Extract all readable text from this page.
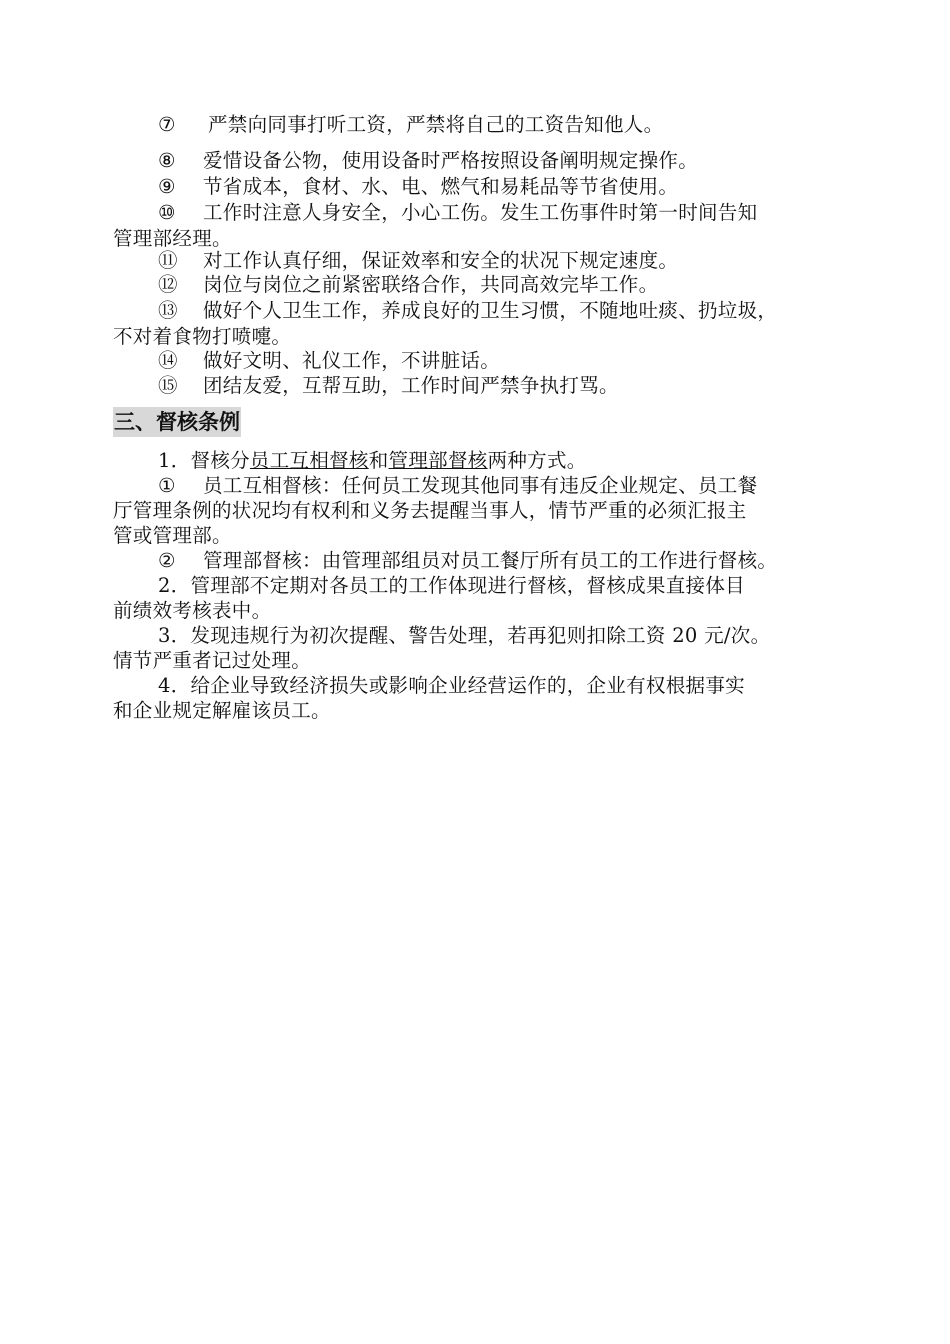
⑦ 严禁向同事打听工资，严禁将自己的工资告知他人。
⑧ 爱惜设备公物，使用设备时严格按照设备阐明规定操作。
⑨ 节省成本，食材、水、电、燃气和易耗品等节省使用。
⑩ 工作时注意人身安全，小心工伤。发生工伤事件时第一时间告知
管理部经理。
⑪ 对工作认真仔细，保证效率和安全的状况下规定速度。
⑫ 岗位与岗位之前紧密联络合作，共同高效完毕工作。
⑬ 做好个人卫生工作，养成良好的卫生习惯，不随地吐痰、扔垃圾，
不对着食物打喷嚏。
⑭ 做好文明、礼仪工作，不讲脏话。
⑮ 团结友爱，互帮互助，工作时间严禁争执打骂。
三、督核条例
1．督核分员工互相督核和管理部督核两种方式。
① 员工互相督核：任何员工发现其他同事有违反企业规定、员工餐
厅管理条例的状况均有权利和义务去提醒当事人，情节严重的必须汇报主
管或管理部。
② 管理部督核：由管理部组员对员工餐厅所有员工的工作进行督核。
2．管理部不定期对各员工的工作体现进行督核，督核成果直接体目
前绩效考核表中。
3．发现违规行为初次提醒、警告处理，若再犯则扣除工资 20 元/次。
情节严重者记过处理。
4．给企业导致经济损失或影响企业经营运作的，企业有权根据事实
和企业规定解雇该员工。
